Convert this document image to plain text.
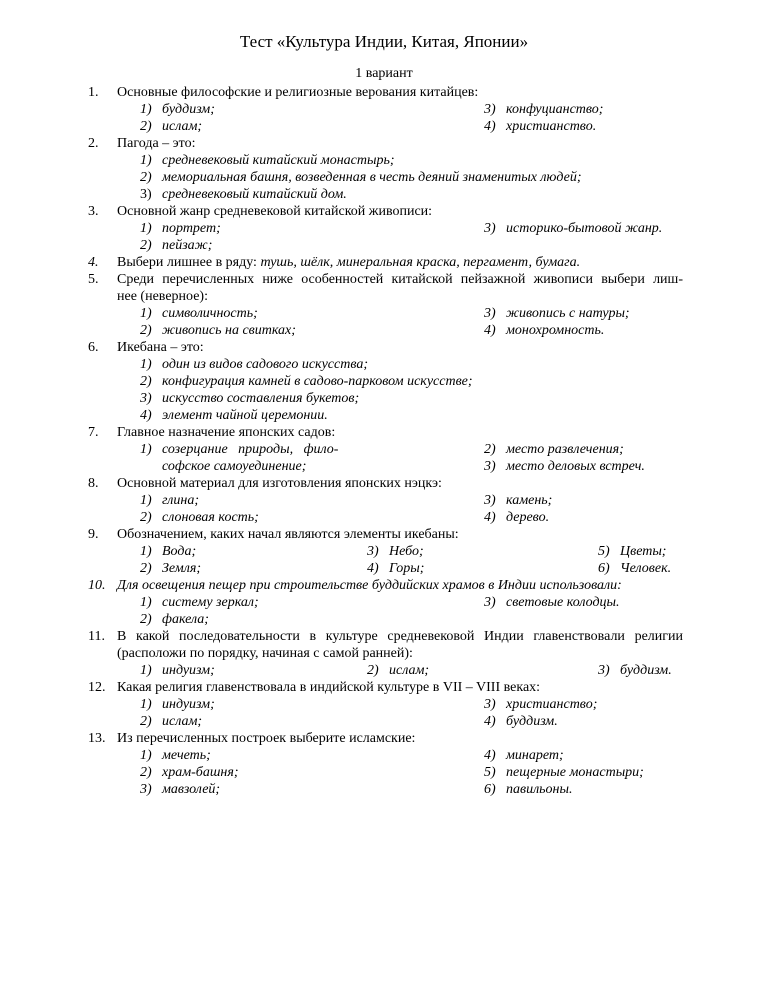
Тест «Культура Индии, Китая, Японии»
1 вариант
1.	Основные философские и религиозные верования китайцев:
1) буддизм;
2) ислам;
3) конфуцианство;
4) христианство.
2.	Пагода – это:
1) средневековый китайский монастырь;
2) мемориальная башня, возведенная в честь деяний знаменитых людей;
3) средневековый китайский дом.
3.	Основной жанр средневековой китайской живописи:
1) портрет;
2) пейзаж;
3) историко-бытовой жанр.
4.	Выбери лишнее в ряду: тушь, шёлк, минеральная краска, пергамент, бумага.
5.	Среди перечисленных ниже особенностей китайской пейзажной живописи выбери лиш-
нее (неверное):
1) символичность;
2) живопись на свитках;
3) живопись с натуры;
4) монохромность.
6.	Икебана – это:
1) один из видов садового искусства;
2) конфигурация камней в садово-парковом искусстве;
3) искусство составления букетов;
4) элемент чайной церемонии.
7.	Главное назначение японских садов:
1) созерцание   природы,   фило-
софское самоуединение;
2) место развлечения;
3) место деловых встреч.
8.	Основной материал для изготовления японских нэцкэ:
1) глина;
2) слоновая кость;
3) камень;
4) дерево.
9.	Обозначением, каких начал являются элементы икебаны:
1) Вода;
2) Земля;
3) Небо;
4) Горы;
5) Цветы;
6) Человек.
10. Для освещения пещер при строительстве буддийских храмов в Индии использовали:
1) систему зеркал;
2) факела;
3) световые колодцы.
11. В какой последовательности в культуре средневековой Индии главенствовали религии
(расположи по порядку, начиная с самой ранней):
1) индуизм;	2) ислам;	3) буддизм.
12. Какая религия главенствовала в индийской культуре в VII – VIII веках:
1) индуизм;
2) ислам;
3) христианство;
4) буддизм.
13. Из перечисленных построек выберите исламские:
1) мечеть;
2) храм-башня;
3) мавзолей;
4) минарет;
5) пещерные монастыри;
6) павильоны.
